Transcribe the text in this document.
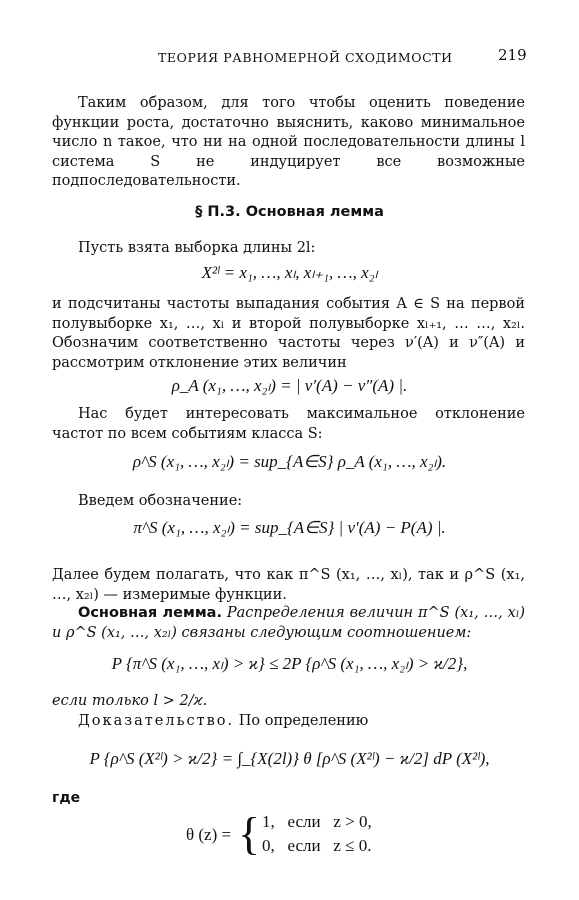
ТЕОРИЯ РАВНОМЕРНОЙ СХОДИМОСТИ	219
Таким образом, для того чтобы оценить поведение функции роста, достаточно выяснить, каково минимальное число n такое, что ни на одной последовательности длины l система S не индуцирует все возможные подпоследовательности.
§ П.3. Основная лемма
Пусть взята выборка длины 2l:
X²ˡ = x₁, …, xₗ, xₗ₊₁, …, x₂ₗ
и подсчитаны частоты выпадания события A ∈ S на первой полувыборке x₁, …, xₗ и второй полувыборке xₗ₊₁, … …, x₂ₗ. Обозначим соответственно частоты через ν′(A) и ν″(A) и рассмотрим отклонение этих величин
ρ_A (x₁, …, x₂ₗ) = | ν′(A) − ν″(A) |.
Нас будет интересовать максимальное отклонение частот по всем событиям класса S:
ρ^S (x₁, …, x₂ₗ) = sup_{A∈S} ρ_A (x₁, …, x₂ₗ).
Введем обозначение:
π^S (x₁, …, x₂ₗ) = sup_{A∈S} | ν′(A) − P(A) |.
Далее будем полагать, что как π^S (x₁, …, xₗ), так и ρ^S (x₁, …, x₂ₗ) — измеримые функции.
Основная лемма. Распределения величин π^S (x₁, …, xₗ) и ρ^S (x₁, …, x₂ₗ) связаны следующим соотношением:
P {π^S (x₁, …, xₗ) > ϰ} ≤ 2P {ρ^S (x₁, …, x₂ₗ) > ϰ/2},
если только l > 2/ϰ.
Доказательство. По определению
P {ρ^S (X²ˡ) > ϰ/2} = ∫_{X(2l)} θ [ρ^S (X²ˡ) − ϰ/2] dP (X²ˡ),
где
θ (z) = { 1,   если   z > 0,
0,   если   z ≤ 0.
